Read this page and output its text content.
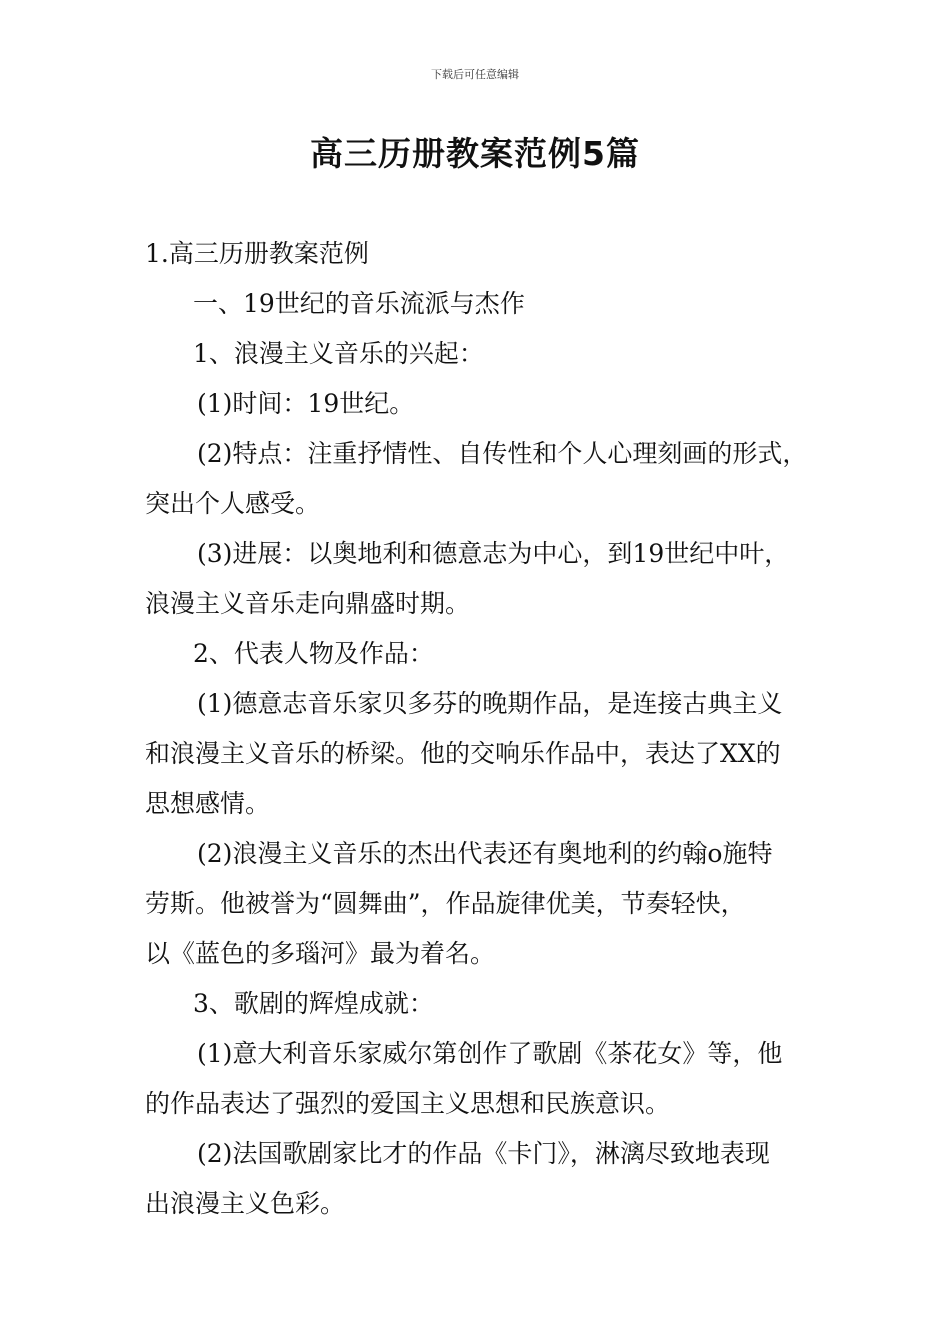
下载后可任意编辑
高三历册教案范例5篇
1.高三历册教案范例
一、19世纪的音乐流派与杰作
1、浪漫主义音乐的兴起：
(1)时间：19世纪。
(2)特点：注重抒情性、自传性和个人心理刻画的形式，
突出个人感受。
(3)进展：以奥地利和德意志为中心，到19世纪中叶，
浪漫主义音乐走向鼎盛时期。
2、代表人物及作品：
(1)德意志音乐家贝多芬的晚期作品，是连接古典主义
和浪漫主义音乐的桥梁。他的交响乐作品中，表达了XX的
思想感情。
(2)浪漫主义音乐的杰出代表还有奥地利的约翰o施特
劳斯。他被誉为“圆舞曲”，作品旋律优美，节奏轻快，
以《蓝色的多瑙河》最为着名。
3、歌剧的辉煌成就：
(1)意大利音乐家威尔第创作了歌剧《茶花女》等，他
的作品表达了强烈的爱国主义思想和民族意识。
(2)法国歌剧家比才的作品《卡门》，淋漓尽致地表现
出浪漫主义色彩。
